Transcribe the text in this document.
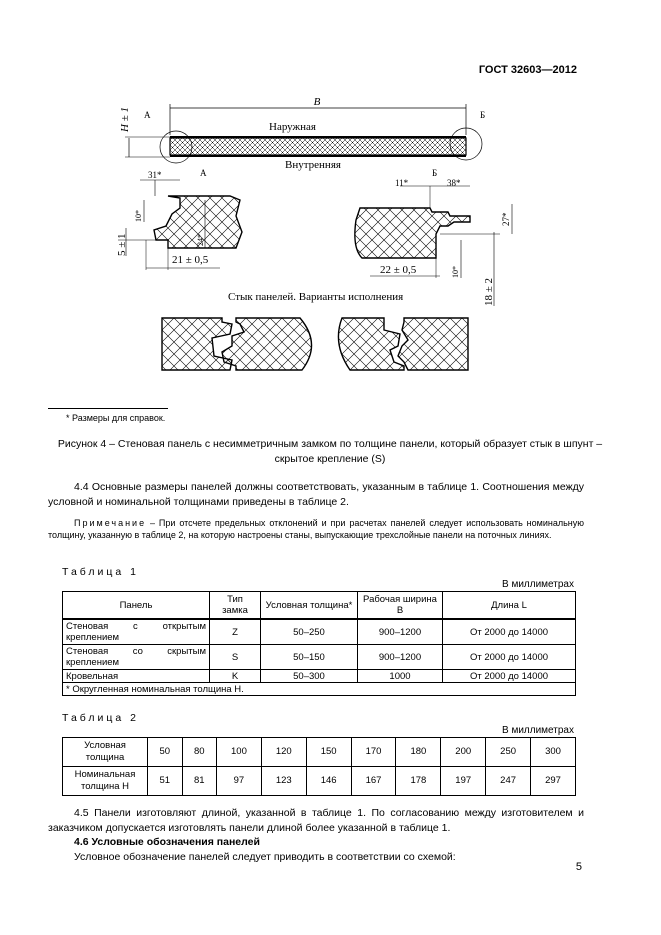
ГОСТ 32603—2012
B
H ± 1 А	Б
Наружная
Внутренняя
А
31*
10*
24*
5 ± 1
21 ± 0,5
Б
11*	38*
27*
22 ± 0,5	10*
18 ± 2
Стык панелей. Варианты исполнения
* Размеры для справок.
Рисунок 4 – Стеновая панель с несимметричным замком по толщине панели, который образует стык в шпунт – скрытое крепление (S)
4.4 Основные размеры панелей должны соответствовать, указанным в таблице 1. Соотношения между условной и номинальной толщинами приведены в таблице 2.
Примечание – При отсчете предельных отклонений и при расчетах панелей следует использовать номинальную толщину, указанную в таблице 2, на которую настроены станы, выпускающие трехслойные панели на поточных линиях.
Таблица 1
В миллиметрах
Панель	Тип замка	Условная толщина*	Рабочая ширина B	Длина L
Стеновая с открытым креплением	Z	50–250	900–1200	От 2000 до 14000
Стеновая со скрытым креплением	S	50–150	900–1200	От 2000 до 14000
Кровельная	K	50–300	1000	От 2000 до 14000
* Округленная номинальная толщина H.				
Таблица 2
В миллиметрах
Условная толщина	50	80	100	120	150	170	180	200	250	300
Номинальная толщина H	51	81	97	123	146	167	178	197	247	297
4.5 Панели изготовляют длиной, указанной в таблице 1. По согласованию между изготовителем и заказчиком допускается изготовлять панели длиной более указанной в таблице 1.
4.6 Условные обозначения панелей
Условное обозначение панелей следует приводить в соответствии со схемой:
5
